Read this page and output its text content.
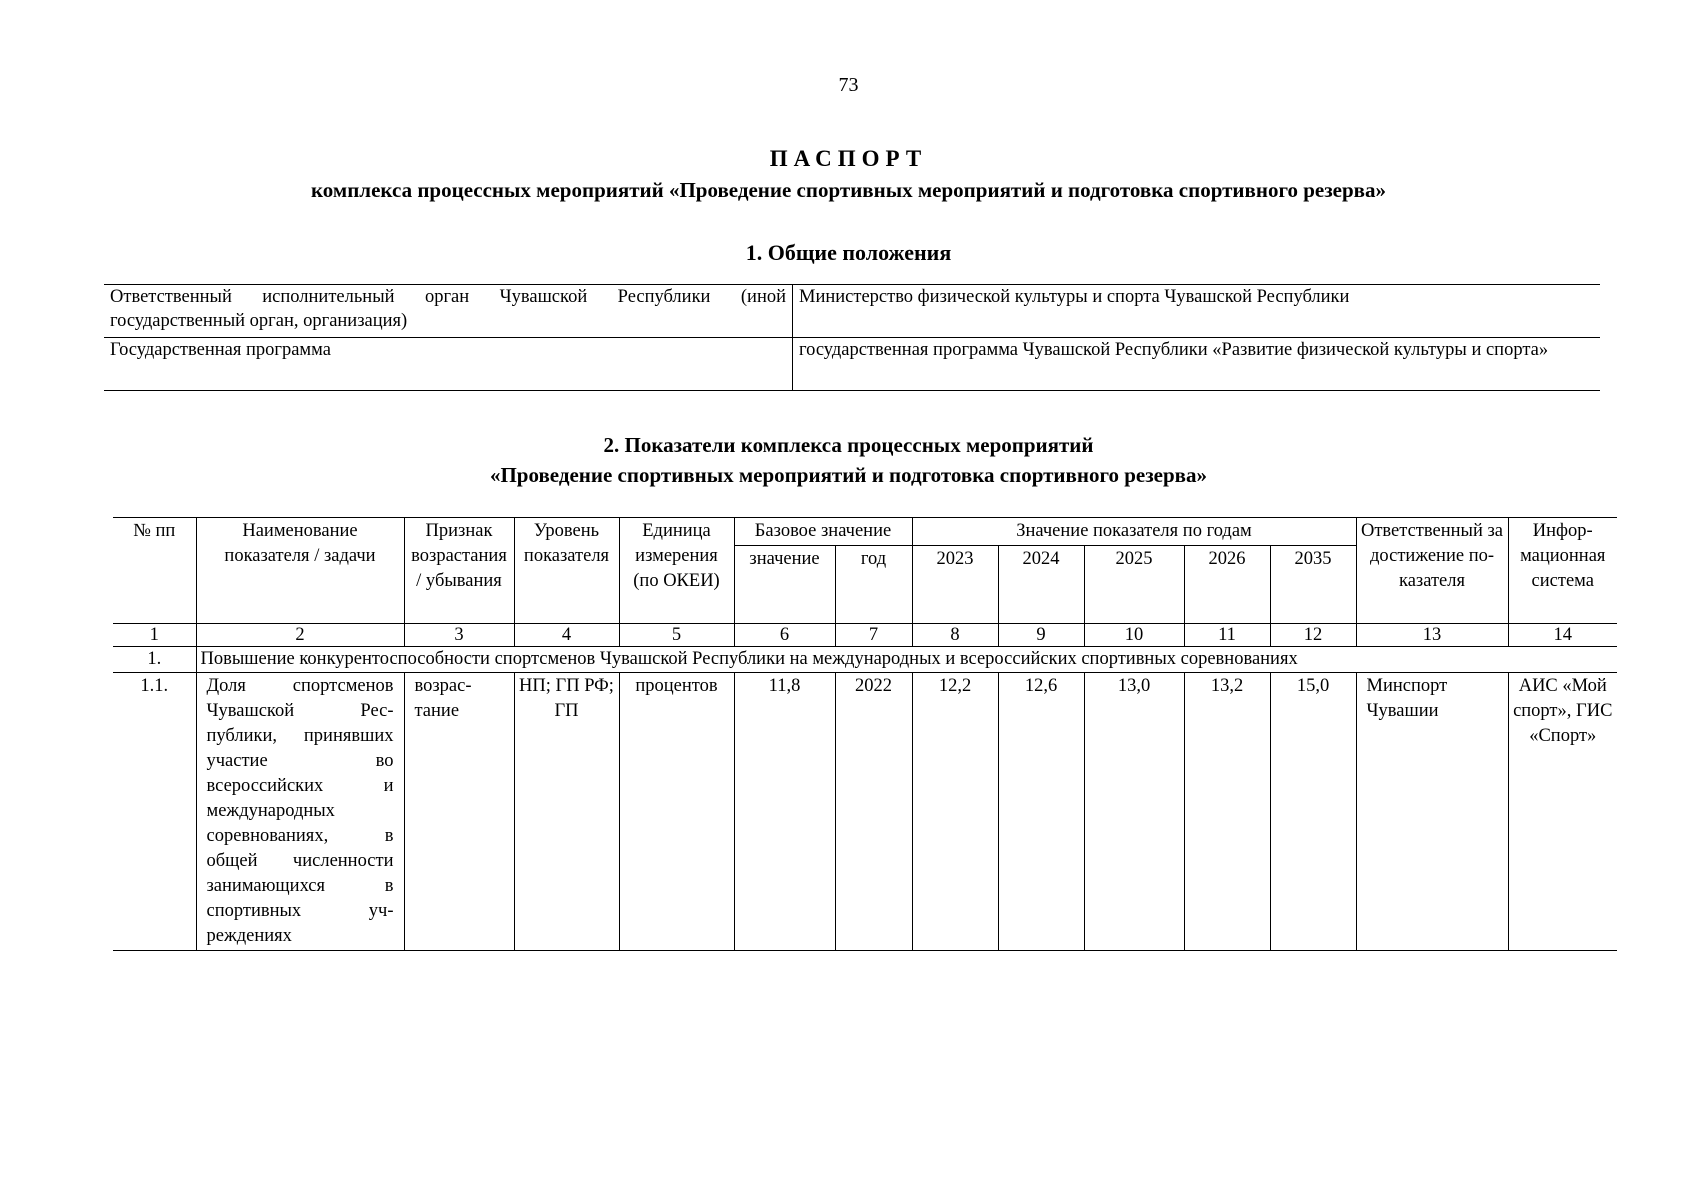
73
ПАСПОРТ
комплекса процессных мероприятий «Проведение спортивных мероприятий и подготовка спортивного резерва»
1. Общие положения
Ответственный исполнительный орган Чувашской Республики (иной государственный орган, организация)	Министерство физической культуры и спорта Чувашской Республики
Государственная программа	государственная программа Чувашской Республики «Развитие физической культуры и спорта»
2. Показатели комплекса процессных мероприятий
«Проведение спортивных мероприятий и подготовка спортивного резерва»
№ пп	Наименование показателя / задачи	Признак возрастания / убывания	Уровень показателя	Единица измерения (по ОКЕИ)	Базовое значение		Значение показателя по годам					Ответственный за достижение показателя	Информационная система
					значение	год	2023	2024	2025	2026	2035		
1	2	3	4	5	6	7	8	9	10	11	12	13	14
1.	Повышение конкурентоспособности спортсменов Чувашской Республики на международных и всероссийских спортивных соревнованиях												
1.1.	Доля спортсменов Чувашской Республики, принявших участие во всероссийских и международных соревнованиях, в общей численности занимающихся в спортивных учреждениях	возрастание	НП; ГП РФ; ГП	процентов	11,8	2022	12,2	12,6	13,0	13,2	15,0	Минспорт Чувашии	АИС «Мой спорт», ГИС «Спорт»
